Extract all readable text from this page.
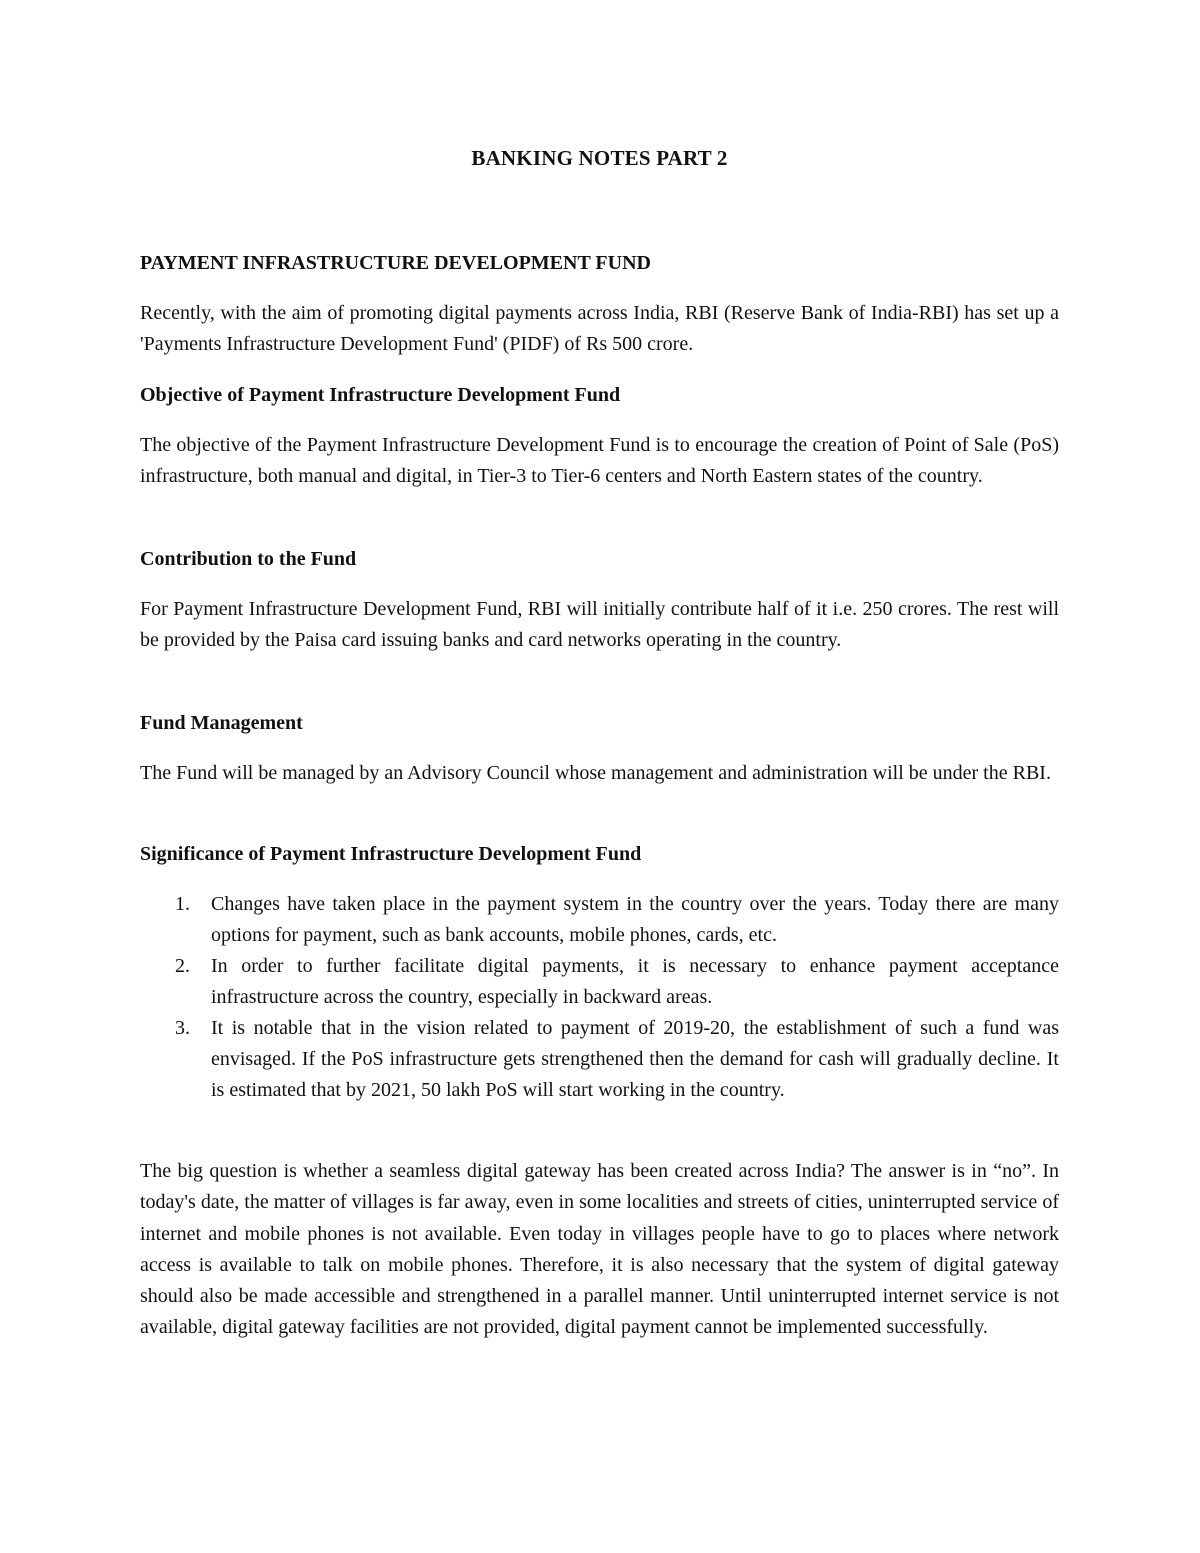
BANKING NOTES PART 2
PAYMENT INFRASTRUCTURE DEVELOPMENT FUND

Recently, with the aim of promoting digital payments across India, RBI (Reserve Bank of India-RBI) has set up a 'Payments Infrastructure Development Fund' (PIDF) of Rs 500 crore.

Objective of Payment Infrastructure Development Fund

The objective of the Payment Infrastructure Development Fund is to encourage the creation of Point of Sale (PoS) infrastructure, both manual and digital, in Tier-3 to Tier-6 centers and North Eastern states of the country.

Contribution to the Fund

For Payment Infrastructure Development Fund, RBI will initially contribute half of it i.e. 250 crores. The rest will be provided by the Paisa card issuing banks and card networks operating in the country.

Fund Management

The Fund will be managed by an Advisory Council whose management and administration will be under the RBI.

Significance of Payment Infrastructure Development Fund
1. Changes have taken place in the payment system in the country over the years. Today there are many options for payment, such as bank accounts, mobile phones, cards, etc.
2. In order to further facilitate digital payments, it is necessary to enhance payment acceptance infrastructure across the country, especially in backward areas.
3. It is notable that in the vision related to payment of 2019-20, the establishment of such a fund was envisaged. If the PoS infrastructure gets strengthened then the demand for cash will gradually decline. It is estimated that by 2021, 50 lakh PoS will start working in the country.

The big question is whether a seamless digital gateway has been created across India? The answer is in “no”. In today's date, the matter of villages is far away, even in some localities and streets of cities, uninterrupted service of internet and mobile phones is not available. Even today in villages people have to go to places where network access is available to talk on mobile phones. Therefore, it is also necessary that the system of digital gateway should also be made accessible and strengthened in a parallel manner. Until uninterrupted internet service is not available, digital gateway facilities are not provided, digital payment cannot be implemented successfully.
